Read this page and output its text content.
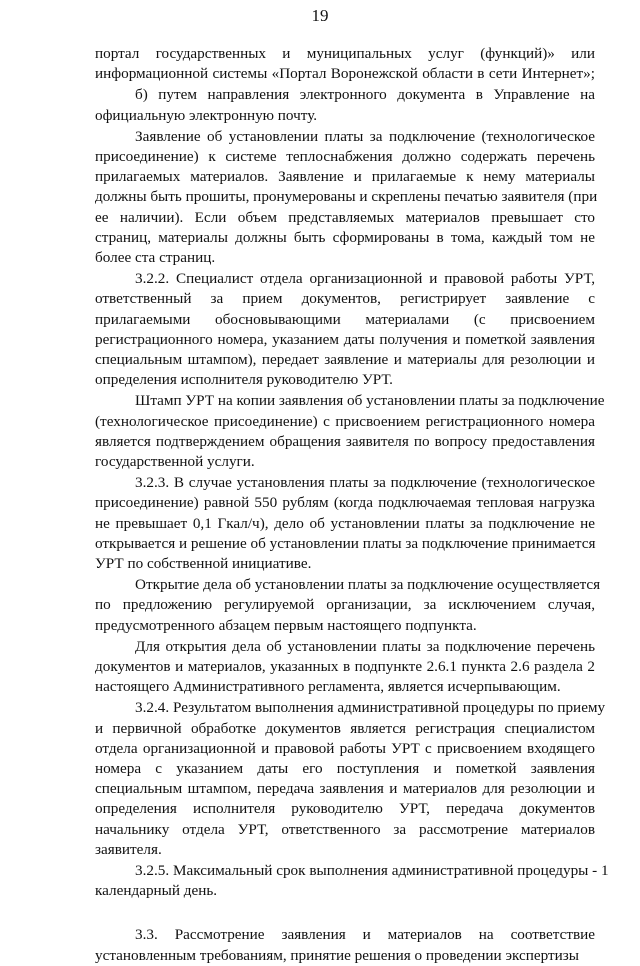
19
портал государственных и муниципальных услуг (функций)» или
информационной системы «Портал Воронежской области в сети Интернет»;
б) путем направления электронного документа в Управление на
официальную электронную почту.
Заявление об установлении платы за подключение (технологическое
присоединение) к системе теплоснабжения должно содержать перечень
прилагаемых материалов. Заявление и прилагаемые к нему материалы
должны быть прошиты, пронумерованы и скреплены печатью заявителя (при
ее наличии). Если объем представляемых материалов превышает сто
страниц, материалы должны быть сформированы в тома, каждый том не
более ста страниц.
3.2.2. Специалист отдела организационной и правовой работы УРТ,
ответственный за прием документов, регистрирует заявление с
прилагаемыми обосновывающими материалами (с присвоением
регистрационного номера, указанием даты получения и пометкой заявления
специальным штампом), передает заявление и материалы для резолюции и
определения исполнителя руководителю УРТ.
Штамп УРТ на копии заявления об установлении платы за подключение
(технологическое присоединение) с присвоением регистрационного номера
является подтверждением обращения заявителя по вопросу предоставления
государственной услуги.
3.2.3. В случае установления платы за подключение (технологическое
присоединение) равной 550 рублям (когда подключаемая тепловая нагрузка
не превышает 0,1 Гкал/ч), дело об установлении платы за подключение не
открывается и решение об установлении платы за подключение принимается
УРТ по собственной инициативе.
Открытие дела об установлении платы за подключение осуществляется
по предложению регулируемой организации, за исключением случая,
предусмотренного абзацем первым настоящего подпункта.
Для открытия дела об установлении платы за подключение перечень
документов и материалов, указанных в подпункте 2.6.1 пункта 2.6 раздела 2
настоящего Административного регламента, является исчерпывающим.
3.2.4. Результатом выполнения административной процедуры по приему
и первичной обработке документов является регистрация специалистом
отдела организационной и правовой работы УРТ с присвоением входящего
номера с указанием даты его поступления и пометкой заявления
специальным штампом, передача заявления и материалов для резолюции и
определения исполнителя руководителю УРТ, передача документов
начальнику отдела УРТ, ответственного за рассмотрение материалов
заявителя.
3.2.5. Максимальный срок выполнения административной процедуры - 1
календарный день.
3.3. Рассмотрение заявления и материалов на соответствие
установленным требованиям, принятие решения о проведении экспертизы
